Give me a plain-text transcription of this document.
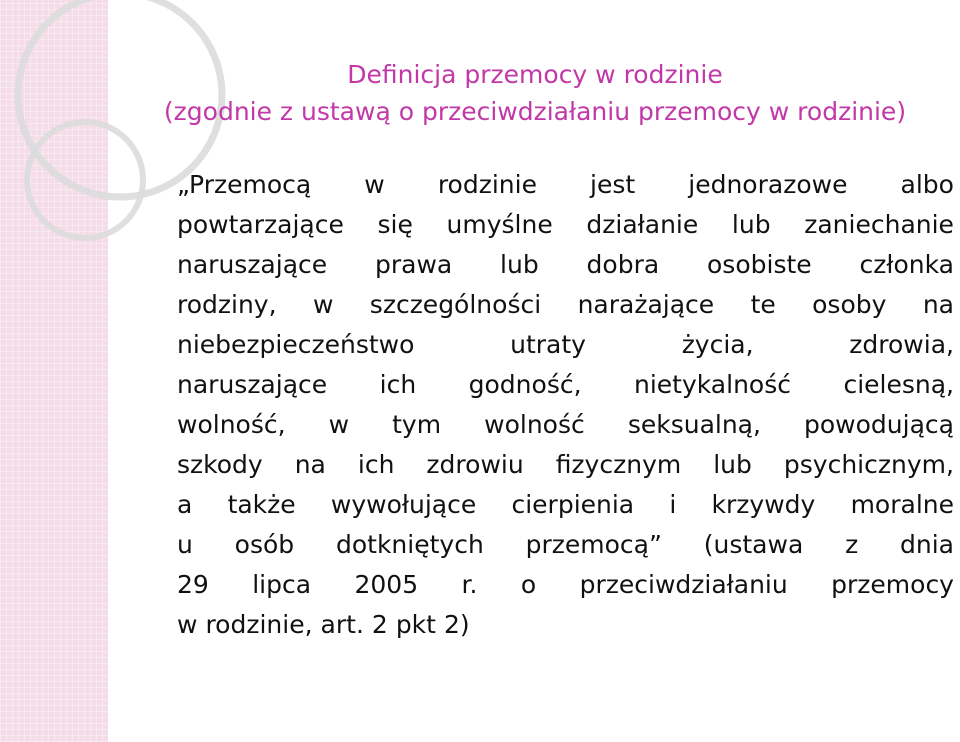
Definicja przemocy w rodzinie
(zgodnie z ustawą o przeciwdziałaniu przemocy w rodzinie)
„Przemocą w rodzinie jest jednorazowe albo
powtarzające się umyślne działanie lub zaniechanie
naruszające prawa lub dobra osobiste członka
rodziny, w szczególności narażające te osoby na
niebezpieczeństwo	utraty	życia,	zdrowia,
naruszające ich godność, nietykalność cielesną,
wolność, w tym wolność seksualną, powodującą
szkody na ich zdrowiu fizycznym lub psychicznym,
a także wywołujące cierpienia i krzywdy moralne
u osób dotkniętych przemocą” (ustawa z dnia
29 lipca 2005 r. o przeciwdziałaniu przemocy
w rodzinie, art. 2 pkt 2)
